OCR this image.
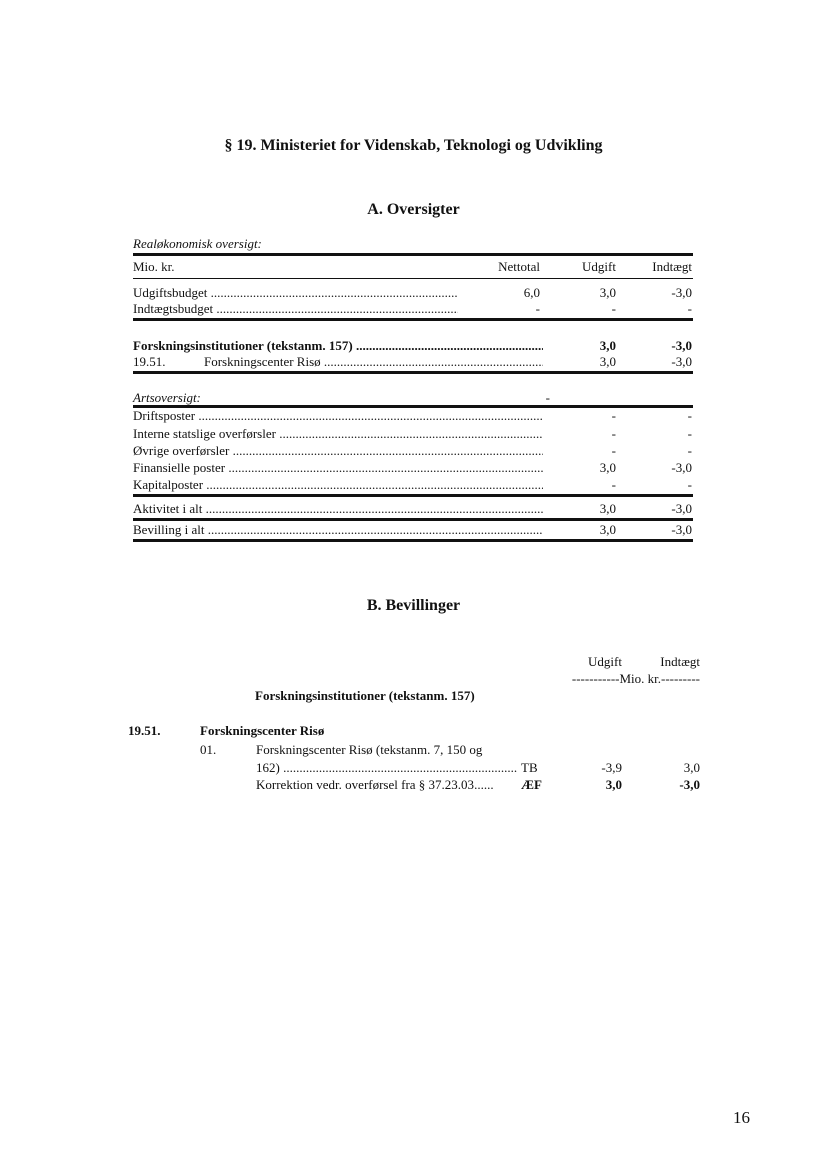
§ 19. Ministeriet for Videnskab, Teknologi og Udvikling
A. Oversigter
Realøkonomisk oversigt:
Mio. kr.	Nettotal	Udgift	Indtægt
Udgiftsbudget .....	6,0	3,0	-3,0
Indtægtsbudget .....	-	-	-
Forskningsinstitutioner (tekstanm. 157) .....	3,0	-3,0
19.51.	Forskningscenter Risø .....	3,0	-3,0
Artsoversigt:	-
Driftsposter .....	-	-
Interne statslige overførsler .....	-	-
Øvrige overførsler .....	-	-
Finansielle poster .....	3,0	-3,0
Kapitalposter .....	-	-
Aktivitet i alt .....	3,0	-3,0
Bevilling i alt .....	3,0	-3,0
B. Bevillinger
Udgift	Indtægt
-----------Mio. kr.---------
Forskningsinstitutioner (tekstanm. 157)
19.51.	Forskningscenter Risø
01.	Forskningscenter Risø (tekstanm. 7, 150 og
162) .....	TB	-3,9	3,0
Korrektion vedr. overførsel fra § 37.23.03...... ÆF	3,0	-3,0
16
